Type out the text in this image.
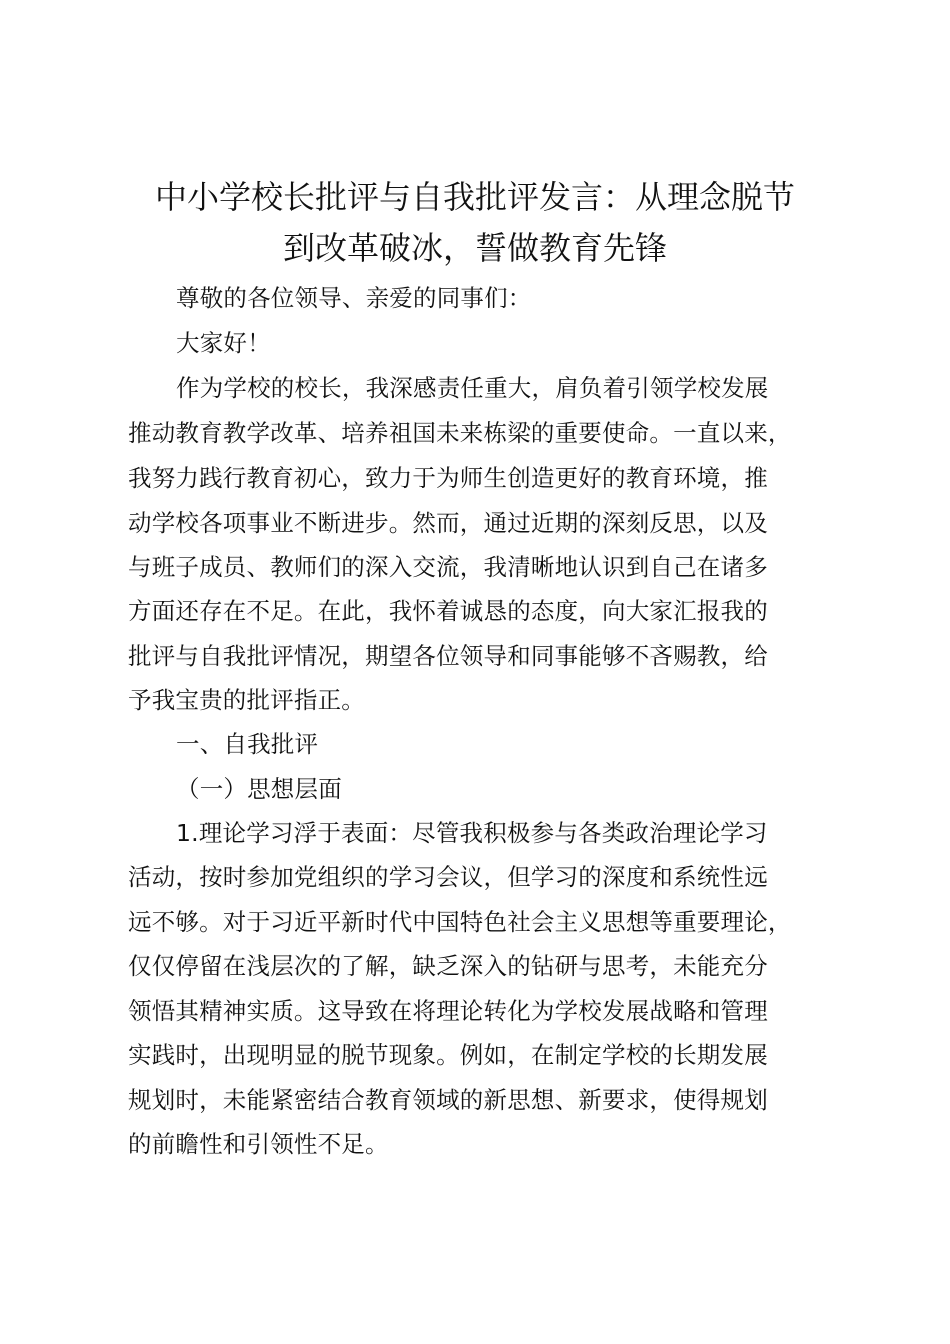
中小学校长批评与自我批评发言：从理念脱节
到改革破冰，誓做教育先锋

尊敬的各位领导、亲爱的同事们：

大家好！

作为学校的校长，我深感责任重大，肩负着引领学校发展

推动教育教学改革、培养祖国未来栋梁的重要使命。一直以来，

我努力践行教育初心，致力于为师生创造更好的教育环境，推

动学校各项事业不断进步。然而，通过近期的深刻反思，以及

与班子成员、教师们的深入交流，我清晰地认识到自己在诸多

方面还存在不足。在此，我怀着诚恳的态度，向大家汇报我的

批评与自我批评情况，期望各位领导和同事能够不吝赐教，给

予我宝贵的批评指正。

一、自我批评

（一）思想层面

1.理论学习浮于表面：尽管我积极参与各类政治理论学习

活动，按时参加党组织的学习会议，但学习的深度和系统性远

远不够。对于习近平新时代中国特色社会主义思想等重要理论，

仅仅停留在浅层次的了解，缺乏深入的钻研与思考，未能充分

领悟其精神实质。这导致在将理论转化为学校发展战略和管理

实践时，出现明显的脱节现象。例如，在制定学校的长期发展

规划时，未能紧密结合教育领域的新思想、新要求，使得规划

的前瞻性和引领性不足。
